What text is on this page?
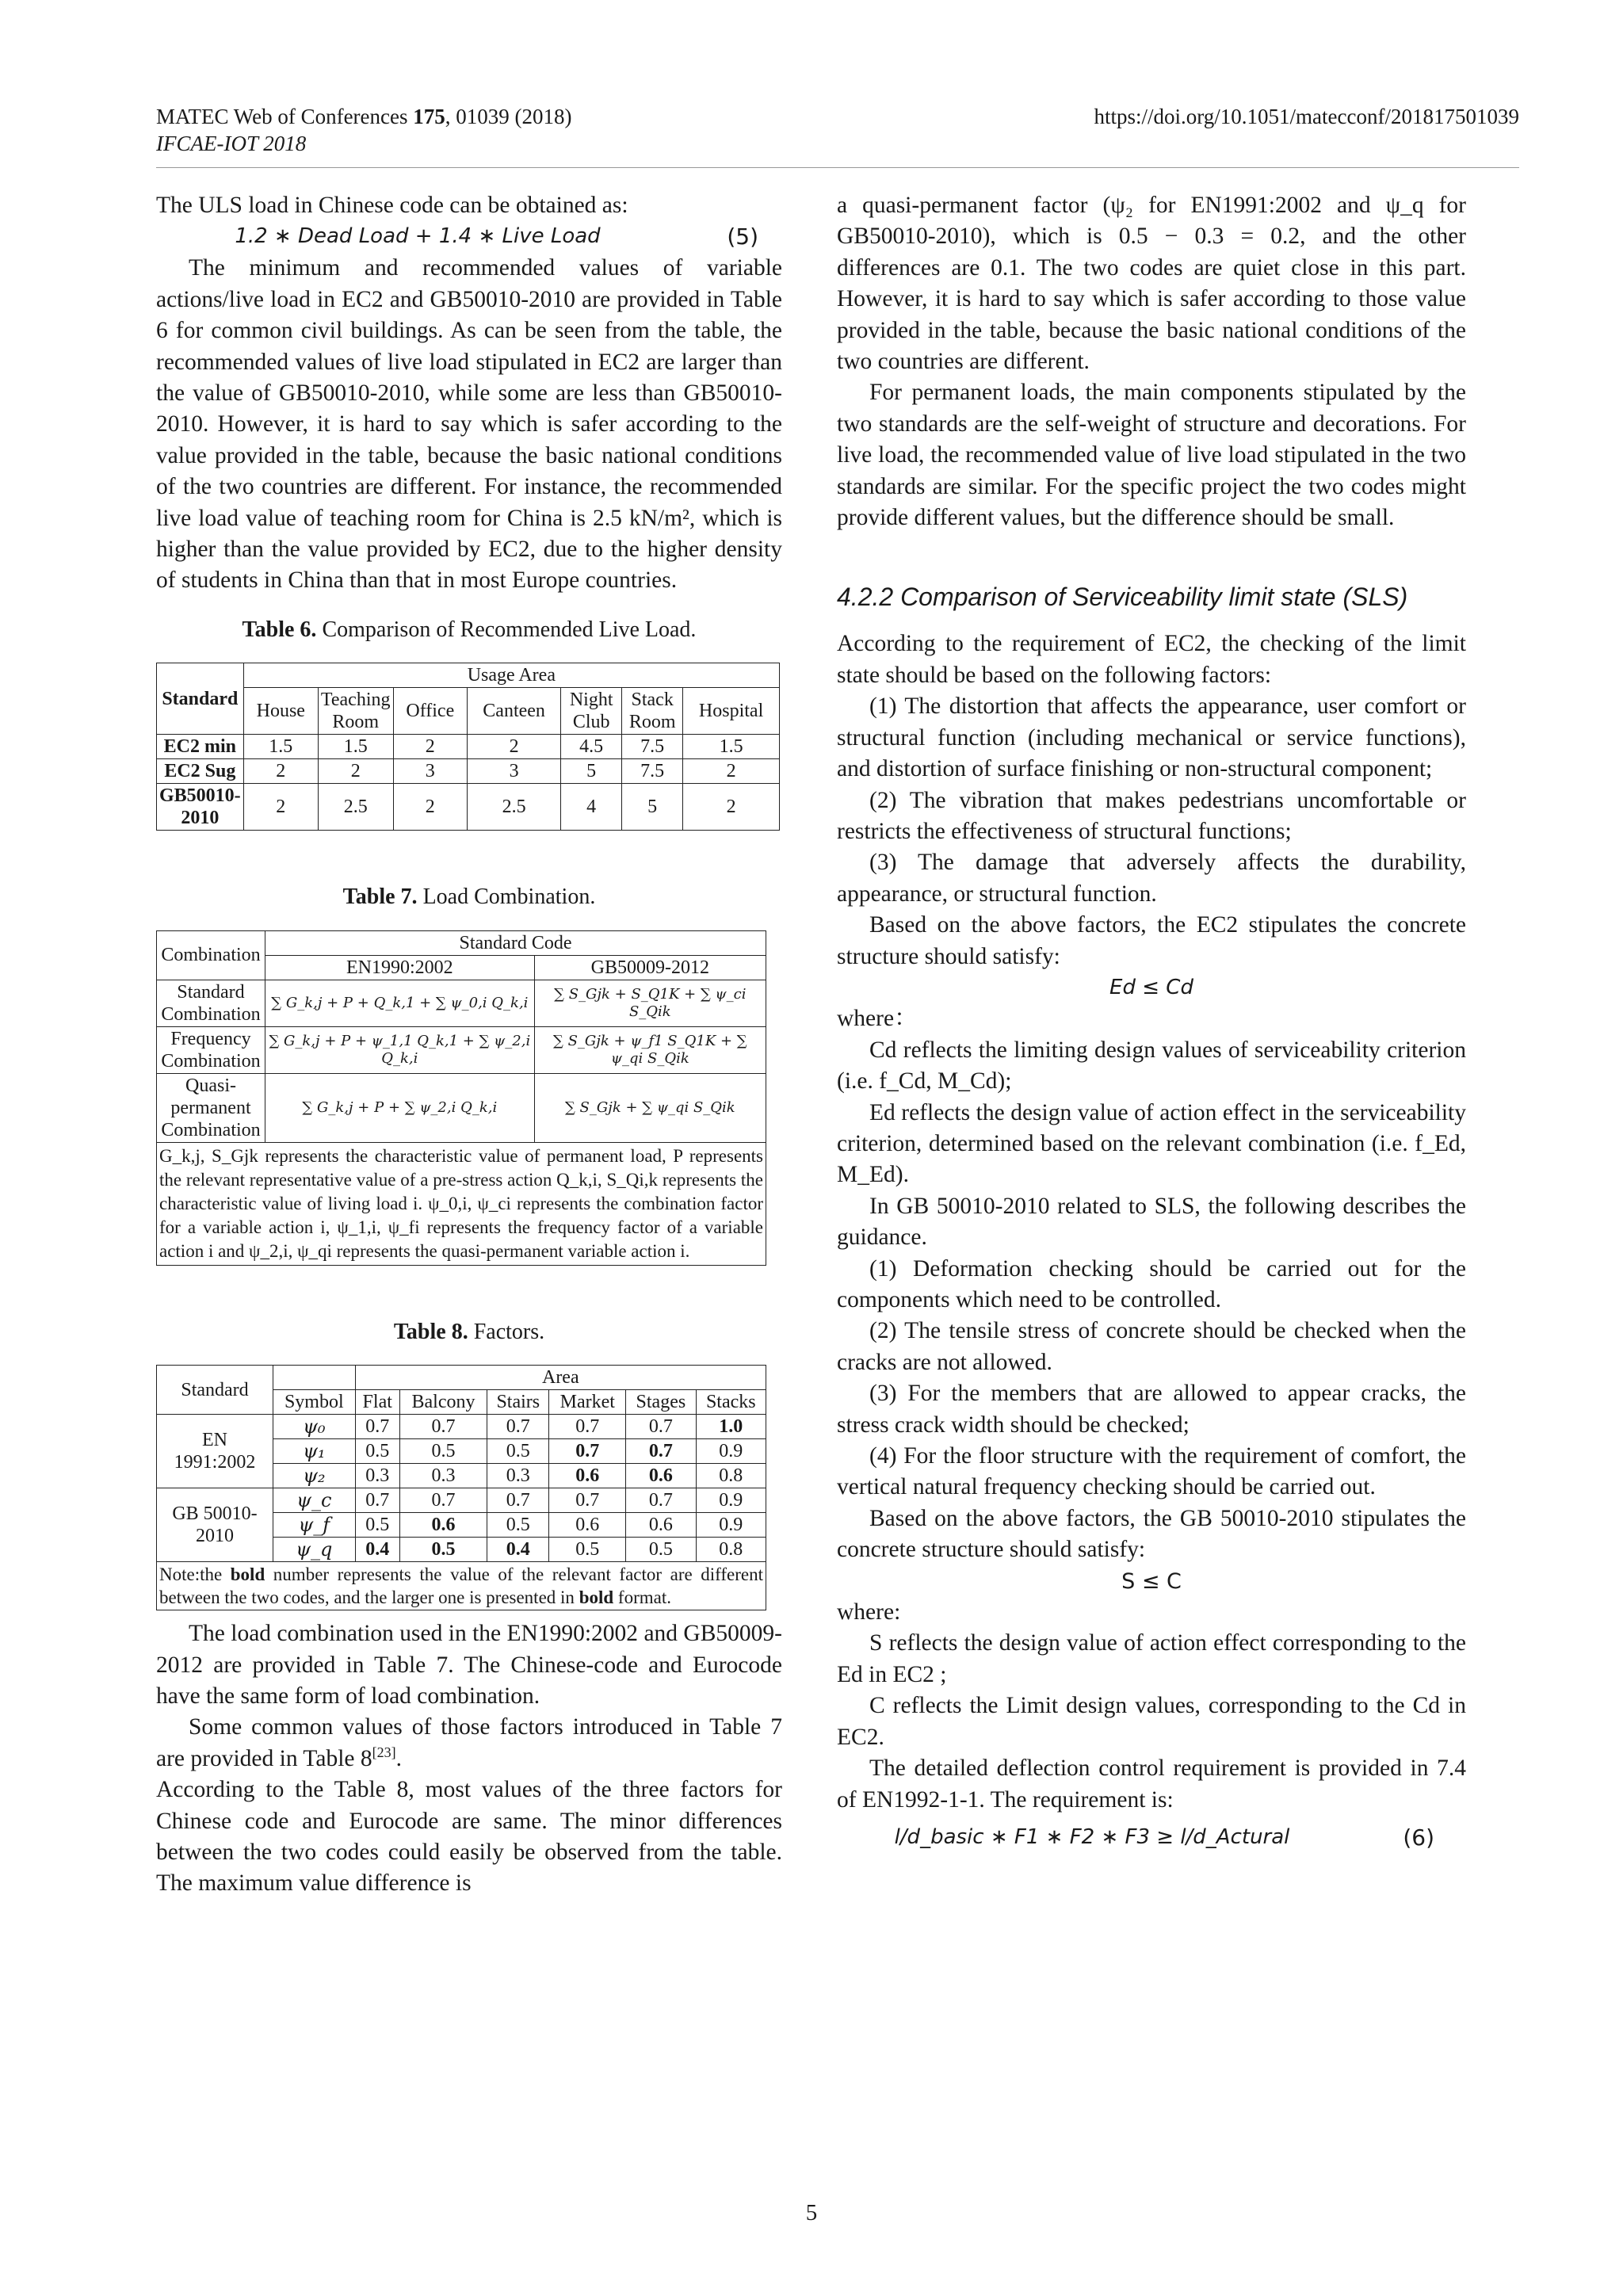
MATEC Web of Conferences 175, 01039 (2018)
IFCAE-IOT 2018
https://doi.org/10.1051/matecconf/201817501039

The ULS load in Chinese code can be obtained as:

1.2 ∗ Dead Load + 1.4 ∗ Live Load	(5)

The minimum and recommended values of variable actions/live load in EC2 and GB50010-2010 are provided in Table 6 for common civil buildings. As can be seen from the table, the recommended values of live load stipulated in EC2 are larger than the value of GB50010-2010, while some are less than GB50010-2010. However, it is hard to say which is safer according to the value provided in the table, because the basic national conditions of the two countries are different. For instance, the recommended live load value of teaching room for China is 2.5 kN/m², which is higher than the value provided by EC2, due to the higher density of students in China than that in most Europe countries.

Table 6. Comparison of Recommended Live Load.
Standard	Usage Area						
	House	Teaching Room	Office	Canteen	Night Club	Stack Room	Hospital
EC2 min	1.5	1.5	2	2	4.5	7.5	1.5
EC2 Sug	2	2	3	3	5	7.5	2
GB50010-2010	2	2.5	2	2.5	4	5	2
Table 7. Load Combination.
Combination	Standard Code	
	EN1990:2002	GB50009-2012
Standard Combination	∑ G_k,j + P + Q_k,1 + ∑ ψ_0,i Q_k,i	∑ S_Gjk + S_Q1K + ∑ ψ_ci S_Qik
Frequency Combination	∑ G_k,j + P + ψ_1,1 Q_k,1 + ∑ ψ_2,i Q_k,i	∑ S_Gjk + ψ_f1 S_Q1K + ∑ ψ_qi S_Qik
Quasi-permanent Combination	∑ G_k,j + P + ∑ ψ_2,i Q_k,i	∑ S_Gjk + ∑ ψ_qi S_Qik
G_k,j, S_Gjk represents the characteristic value of permanent load, P represents the relevant representative value of a pre-stress action Q_k,i, S_Qi,k represents the characteristic value of living load i. ψ_0,i, ψ_ci represents the combination factor for a variable action i, ψ_1,i, ψ_fi represents the frequency factor of a variable action i and ψ_2,i, ψ_qi represents the quasi-permanent variable action i.		
Table 8. Factors.
Standard		Area					
	Symbol	Flat	Balcony	Stairs	Market	Stages	Stacks
EN 1991:2002	ψ₀	0.7	0.7	0.7	0.7	0.7	1.0
	ψ₁	0.5	0.5	0.5	0.7	0.7	0.9
	ψ₂	0.3	0.3	0.3	0.6	0.6	0.8
GB 50010-2010	ψ_c	0.7	0.7	0.7	0.7	0.7	0.9
	ψ_f	0.5	0.6	0.5	0.6	0.6	0.9
	ψ_q	0.4	0.5	0.4	0.5	0.5	0.8
Note:the bold number represents the value of the relevant factor are different between the two codes, and the larger one is presented in bold format.							

The load combination used in the EN1990:2002 and GB50009-2012 are provided in Table 7. The Chinese-code and Eurocode have the same form of load combination.

Some common values of those factors introduced in Table 7 are provided in Table 8[23].

According to the Table 8, most values of the three factors for Chinese code and Eurocode are same. The minor differences between the two codes could easily be observed from the table. The maximum value difference is

a quasi-permanent factor (ψ₂ for EN1991:2002 and ψ_q for GB50010-2010), which is 0.5 − 0.3 = 0.2, and the other differences are 0.1. The two codes are quiet close in this part. However, it is hard to say which is safer according to those value provided in the table, because the basic national conditions of the two countries are different.

For permanent loads, the main components stipulated by the two standards are the self-weight of structure and decorations. For live load, the recommended value of live load stipulated in the two standards are similar. For the specific project the two codes might provide different values, but the difference should be small.

4.2.2 Comparison of Serviceability limit state (SLS)

According to the requirement of EC2, the checking of the limit state should be based on the following factors:

(1) The distortion that affects the appearance, user comfort or structural function (including mechanical or service functions), and distortion of surface finishing or non-structural component;

(2) The vibration that makes pedestrians uncomfortable or restricts the effectiveness of structural functions;

(3) The damage that adversely affects the durability, appearance, or structural function.

Based on the above factors, the EC2 stipulates the concrete structure should satisfy:

Ed ≤ Cd

where：

Cd reflects the limiting design values of serviceability criterion (i.e. f_Cd, M_Cd);

Ed reflects the design value of action effect in the serviceability criterion, determined based on the relevant combination (i.e. f_Ed, M_Ed).

In GB 50010-2010 related to SLS, the following describes the guidance.

(1) Deformation checking should be carried out for the components which need to be controlled.

(2) The tensile stress of concrete should be checked when the cracks are not allowed.

(3) For the members that are allowed to appear cracks, the stress crack width should be checked;

(4) For the floor structure with the requirement of comfort, the vertical natural frequency checking should be carried out.

Based on the above factors, the GB 50010-2010 stipulates the concrete structure should satisfy:

S ≤ C

where:

S reflects the design value of action effect corresponding to the Ed in EC2 ;

C reflects the Limit design values, corresponding to the Cd in EC2.

The detailed deflection control requirement is provided in 7.4 of EN1992-1-1. The requirement is:

l/d_basic ∗ F1 ∗ F2 ∗ F3 ≥ l/d_Actural	(6)
5
